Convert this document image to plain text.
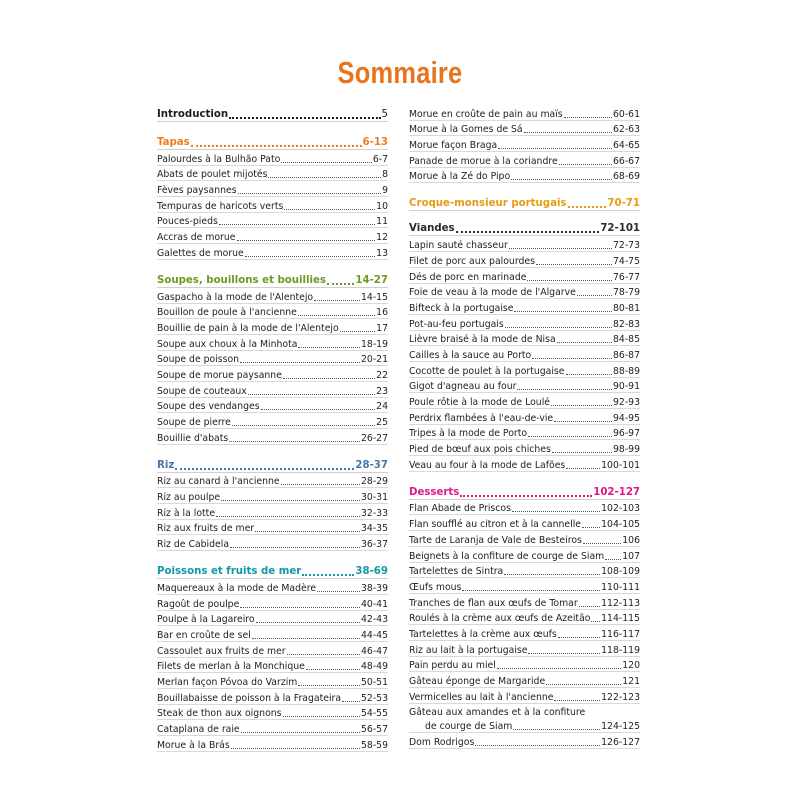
Sommaire
Introduction	5
Tapas	6-13
Palourdes à la Bulhão Pato	6-7
Abats de poulet mijotés	8
Fèves paysannes	9
Tempuras de haricots verts	10
Pouces-pieds	11
Accras de morue	12
Galettes de morue	13
Soupes, bouillons et bouillies	14-27
Gaspacho à la mode de l'Alentejo	14-15
Bouillon de poule à l'ancienne	16
Bouillie de pain à la mode de l'Alentejo	17
Soupe aux choux à la Minhota	18-19
Soupe de poisson	20-21
Soupe de morue paysanne	22
Soupe de couteaux	23
Soupe des vendanges	24
Soupe de pierre	25
Bouillie d'abats	26-27
Riz	28-37
Riz au canard à l'ancienne	28-29
Riz au poulpe	30-31
Riz à la lotte	32-33
Riz aux fruits de mer	34-35
Riz de Cabidela	36-37
Poissons et fruits de mer	38-69
Maquereaux à la mode de Madère	38-39
Ragoût de poulpe	40-41
Poulpe à la Lagareiro	42-43
Bar en croûte de sel	44-45
Cassoulet aux fruits de mer	46-47
Filets de merlan à la Monchique	48-49
Merlan façon Póvoa do Varzim	50-51
Bouillabaisse de poisson à la Fragateira 52-53
Steak de thon aux oignons	54-55
Cataplana de raie	56-57
Morue à la Brás	58-59
Morue en croûte de pain au maïs	60-61
Morue à la Gomes de Sá	62-63
Morue façon Braga	64-65
Panade de morue à la coriandre	66-67
Morue à la Zé do Pipo	68-69
Croque-monsieur portugais	70-71
Viandes	72-101
Lapin sauté chasseur	72-73
Filet de porc aux palourdes	74-75
Dés de porc en marinade	76-77
Foie de veau à la mode de l'Algarve	78-79
Bifteck à la portugaise	80-81
Pot-au-feu portugais	82-83
Lièvre braisé à la mode de Nisa	84-85
Cailles à la sauce au Porto	86-87
Cocotte de poulet à la portugaise	88-89
Gigot d'agneau au four	90-91
Poule rôtie à la mode de Loulé	92-93
Perdrix flambées à l'eau-de-vie	94-95
Tripes à la mode de Porto	96-97
Pied de bœuf aux pois chiches	98-99
Veau au four à la mode de Lafões	100-101
Desserts	102-127
Flan Abade de Priscos	102-103
Flan soufflé au citron et à la cannelle 104-105
Tarte de Laranja de Vale de Besteiros	106
Beignets à la confiture de courge de Siam 107
Tartelettes de Sintra	108-109
Œufs mous	110-111
Tranches de flan aux œufs de Tomar	112-113
Roulés à la crème aux œufs de Azeitão 114-115
Tartelettes à la crème aux œufs	116-117
Riz au lait à la portugaise	118-119
Pain perdu au miel	120
Gâteau éponge de Margaride	121
Vermicelles au lait à l'ancienne	122-123
Gâteau aux amandes et à la confiture
de courge de Siam	124-125
Dom Rodrigos	126-127
